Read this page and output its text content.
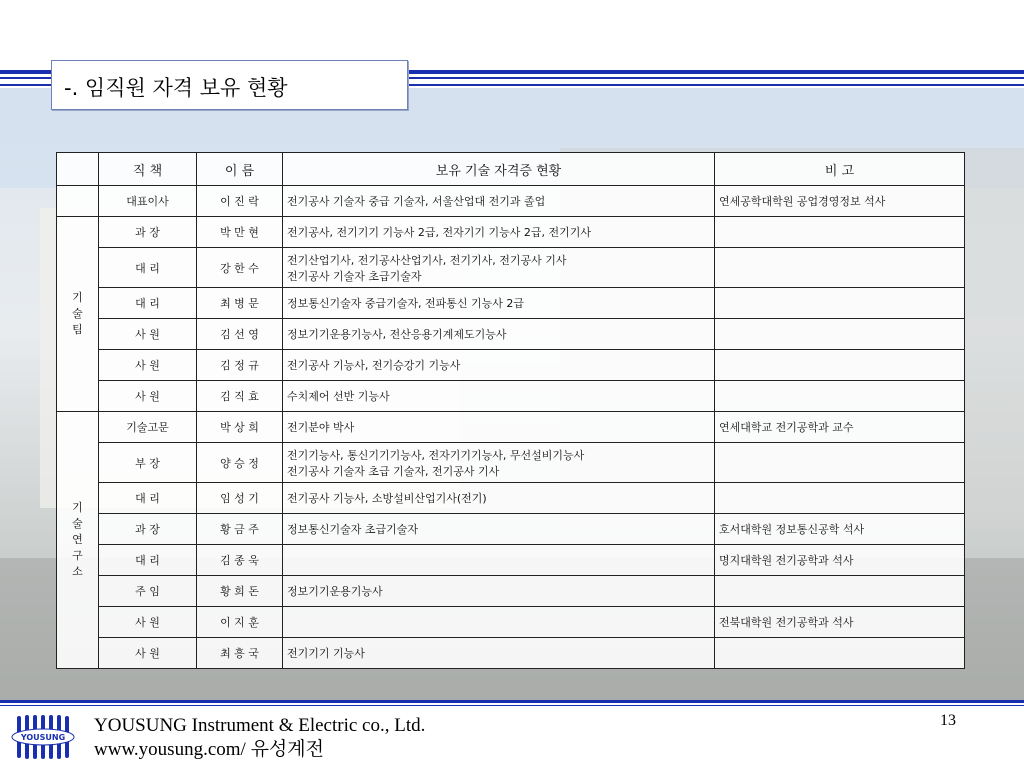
-. 임직원 자격 보유 현황
	직 책	이 름	보유 기술 자격증 현황	비 고
	대표이사	이 진 락	전기공사 기술자 중급 기술자, 서울산업대 전기과 졸업	연세공학대학원 공업경영정보 석사

기
술
팀	과 장	박 만 현	전기공사, 전기기기 기능사 2급, 전자기기 기능사 2급, 전기기사	

	대 리	강 한 수	전기산업기사, 전기공사산업기사, 전기기사, 전기공사 기사
전기공사 기술자 초급기술자	

	대 리	최 병 문	정보통신기술자 중급기술자, 전파통신 기능사 2급	

	사 원	김 선 영	정보기기운용기능사, 전산응용기계제도기능사	

	사 원	김 정 규	전기공사 기능사, 전기승강기 기능사	

	사 원	김 직 효	수치제어 선반 기능사	

기
술
연
구
소	기술고문	박 상 희	전기분야 박사	연세대학교 전기공학과 교수
	부 장	양 승 정	전기기능사, 통신기기기능사, 전자기기기능사, 무선설비기능사
전기공사 기술자 초급 기술자, 전기공사 기사	

	대 리	임 성 기	전기공사 기능사, 소방설비산업기사(전기)	

	과 장	황 금 주	정보통신기술자 초급기술자	호서대학원 정보통신공학 석사
	대 리	김 종 욱		명지대학원 전기공학과 석사
	주 임	황 희 돈	정보기기운용기능사	

	사 원	이 지 훈		전북대학원 전기공학과 석사
	사 원	최 흥 국	전기기기 기능사	

YOUSUNG
YOUSUNG Instrument & Electric co., Ltd.
www.yousung.com/ 유성계전
13
